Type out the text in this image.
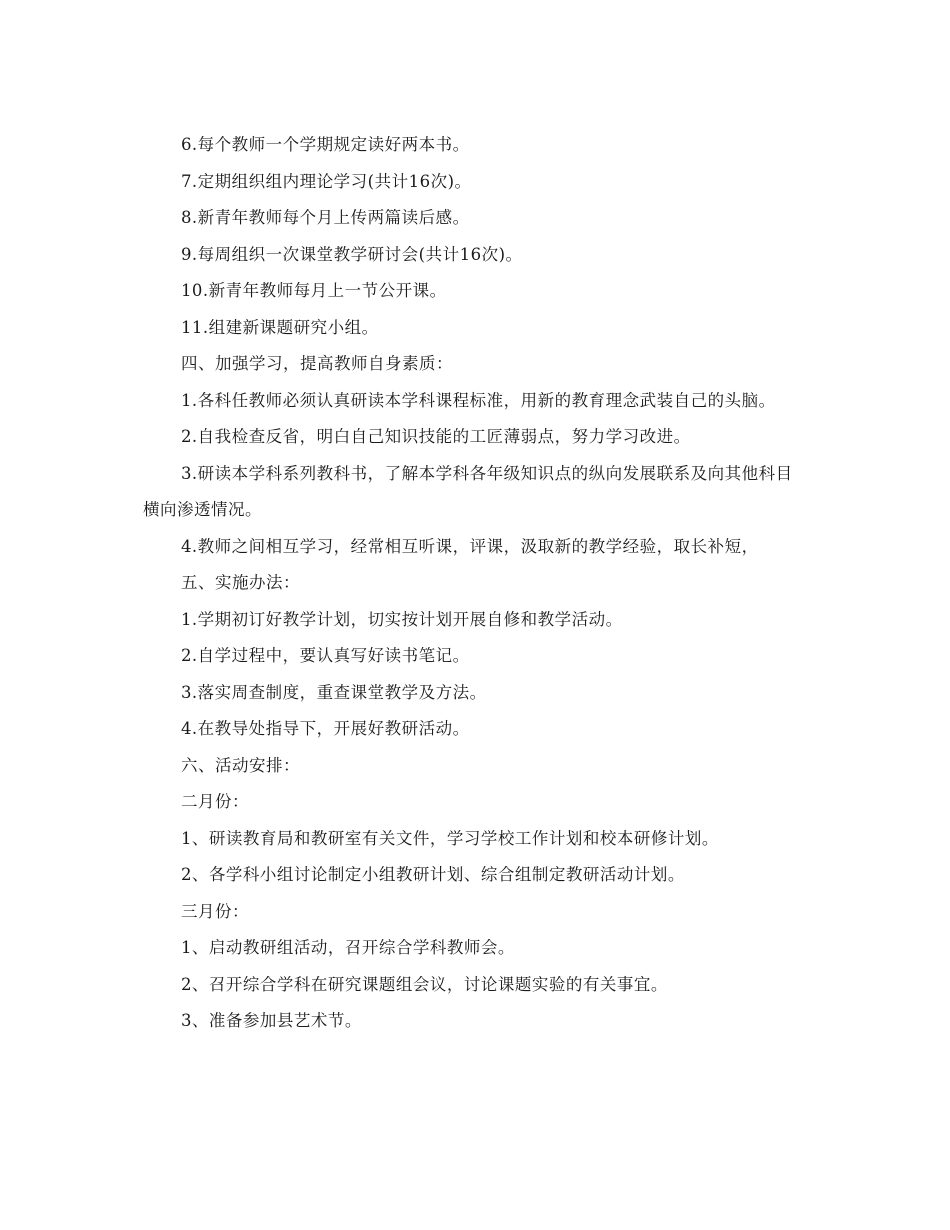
6.每个教师一个学期规定读好两本书。

7.定期组织组内理论学习(共计16次)。

8.新青年教师每个月上传两篇读后感。

9.每周组织一次课堂教学研讨会(共计16次)。

10.新青年教师每月上一节公开课。

11.组建新课题研究小组。

四、加强学习，提高教师自身素质：

1.各科任教师必须认真研读本学科课程标准，用新的教育理念武装自己的头脑。

2.自我检查反省，明白自己知识技能的工匠薄弱点，努力学习改进。

3.研读本学科系列教科书，了解本学科各年级知识点的纵向发展联系及向其他科目横向渗透情况。

4.教师之间相互学习，经常相互听课，评课，汲取新的教学经验，取长补短，

五、实施办法：

1.学期初订好教学计划，切实按计划开展自修和教学活动。

2.自学过程中，要认真写好读书笔记。

3.落实周查制度，重查课堂教学及方法。

4.在教导处指导下，开展好教研活动。

六、活动安排：

二月份：

1、研读教育局和教研室有关文件，学习学校工作计划和校本研修计划。

2、各学科小组讨论制定小组教研计划、综合组制定教研活动计划。

三月份：

1、启动教研组活动，召开综合学科教师会。

2、召开综合学科在研究课题组会议，讨论课题实验的有关事宜。

3、准备参加县艺术节。
